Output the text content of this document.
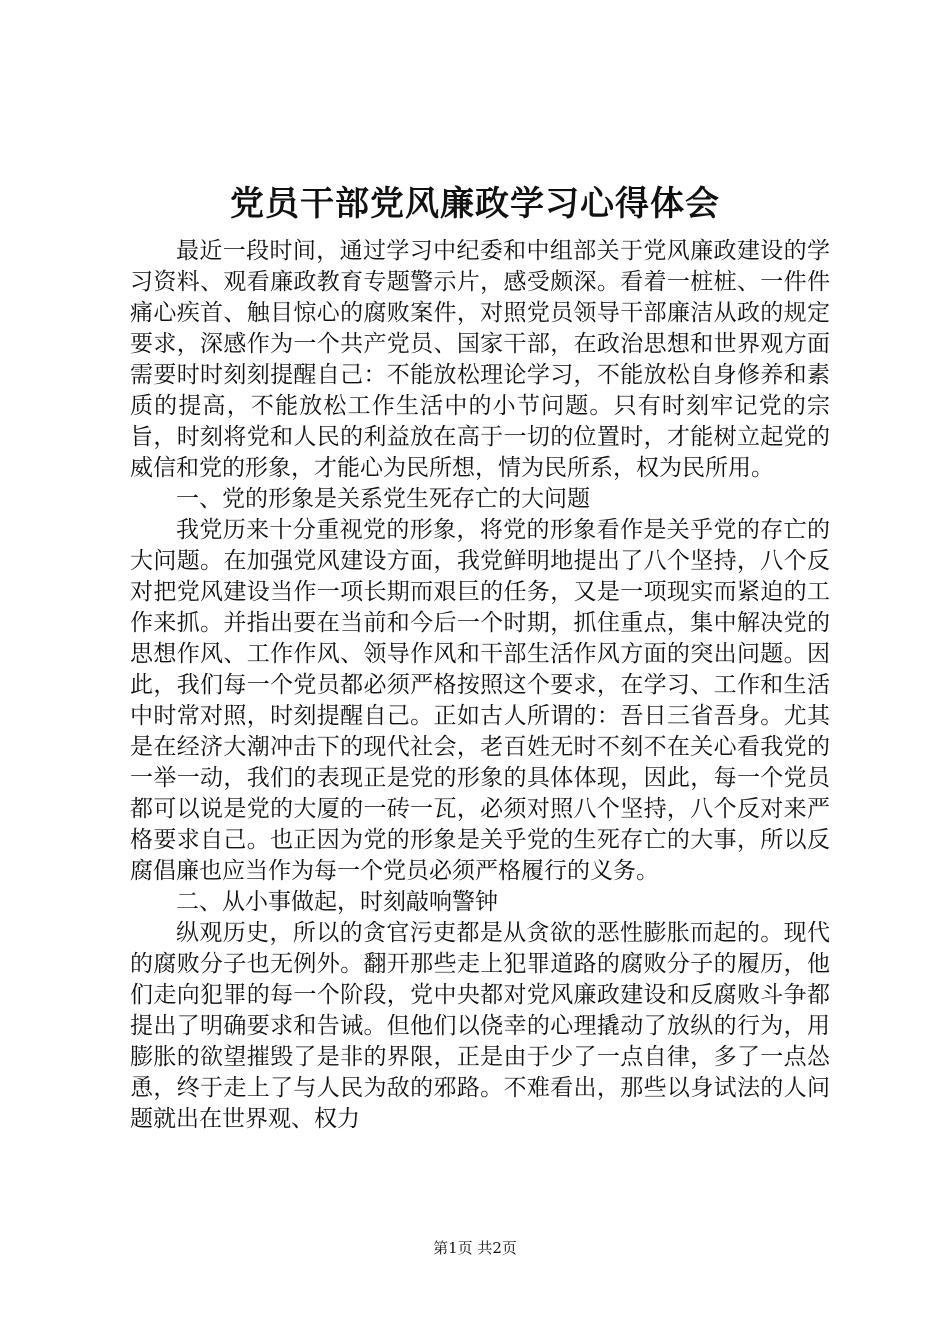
党员干部党风廉政学习心得体会

最近一段时间，通过学习中纪委和中组部关于党风廉政建设的学习资料、观看廉政教育专题警示片，感受颇深。看着一桩桩、一件件痛心疾首、触目惊心的腐败案件，对照党员领导干部廉洁从政的规定要求，深感作为一个共产党员、国家干部，在政治思想和世界观方面需要时时刻刻提醒自己：不能放松理论学习，不能放松自身修养和素质的提高，不能放松工作生活中的小节问题。只有时刻牢记党的宗旨，时刻将党和人民的利益放在高于一切的位置时，才能树立起党的威信和党的形象，才能心为民所想，情为民所系，权为民所用。

一、党的形象是关系党生死存亡的大问题

我党历来十分重视党的形象，将党的形象看作是关乎党的存亡的大问题。在加强党风建设方面，我党鲜明地提出了八个坚持，八个反对把党风建设当作一项长期而艰巨的任务，又是一项现实而紧迫的工作来抓。并指出要在当前和今后一个时期，抓住重点，集中解决党的思想作风、工作作风、领导作风和干部生活作风方面的突出问题。因此，我们每一个党员都必须严格按照这个要求，在学习、工作和生活中时常对照，时刻提醒自己。正如古人所谓的：吾日三省吾身。尤其是在经济大潮冲击下的现代社会，老百姓无时不刻不在关心看我党的一举一动，我们的表现正是党的形象的具体体现，因此，每一个党员都可以说是党的大厦的一砖一瓦，必须对照八个坚持，八个反对来严格要求自己。也正因为党的形象是关乎党的生死存亡的大事，所以反腐倡廉也应当作为每一个党员必须严格履行的义务。

二、从小事做起，时刻敲响警钟

纵观历史，所以的贪官污吏都是从贪欲的恶性膨胀而起的。现代的腐败分子也无例外。翻开那些走上犯罪道路的腐败分子的履历，他们走向犯罪的每一个阶段，党中央都对党风廉政建设和反腐败斗争都提出了明确要求和告诫。但他们以侥幸的心理撬动了放纵的行为，用膨胀的欲望摧毁了是非的界限，正是由于少了一点自律，多了一点怂恿，终于走上了与人民为敌的邪路。不难看出，那些以身试法的人问题就出在世界观、权力

第1页 共2页
